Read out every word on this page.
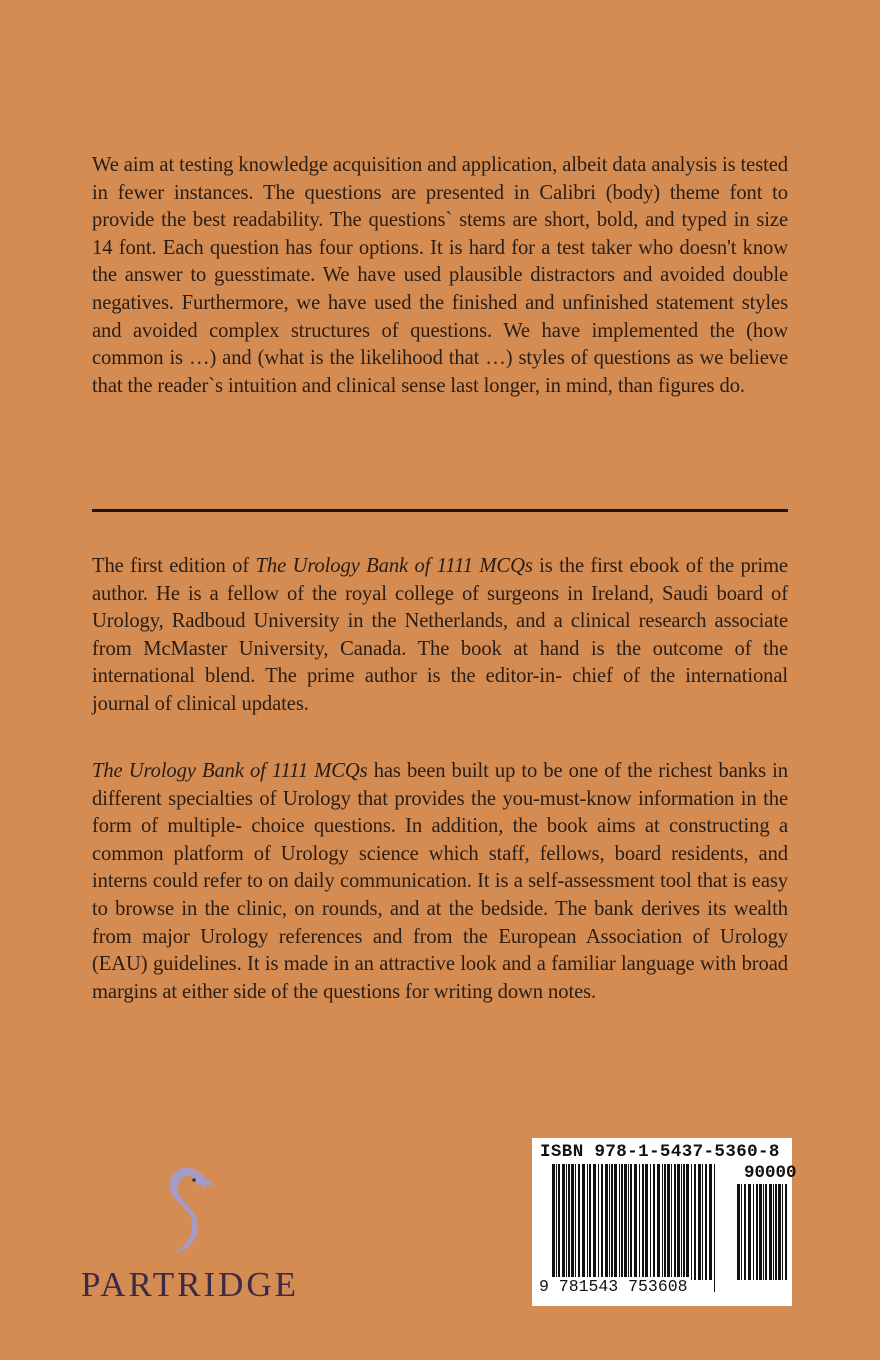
We aim at testing knowledge acquisition and application, albeit data analysis is tested in fewer instances. The questions are presented in Calibri (body) theme font to provide the best readability. The questions` stems are short, bold, and typed in size 14 font. Each question has four options. It is hard for a test taker who doesn't know the answer to guesstimate. We have used plausible distractors and avoided double negatives. Furthermore, we have used the finished and unfinished statement styles and avoided complex structures of questions. We have implemented the (how common is …) and (what is the likelihood that …) styles of questions as we believe that the reader`s intuition and clinical sense last longer, in mind, than figures do.

The first edition of The Urology Bank of 1111 MCQs is the first ebook of the prime author. He is a fellow of the royal college of surgeons in Ireland, Saudi board of Urology, Radboud University in the Netherlands, and a clinical research associate from McMaster University, Canada. The book at hand is the outcome of the international blend. The prime author is the editor-in- chief of the international journal of clinical updates.

The Urology Bank of 1111 MCQs has been built up to be one of the richest banks in different specialties of Urology that provides the you-must-know information in the form of multiple- choice questions. In addition, the book aims at constructing a common platform of Urology science which staff, fellows, board residents, and interns could refer to on daily communication. It is a self-assessment tool that is easy to browse in the clinic, on rounds, and at the bedside. The bank derives its wealth from major Urology references and from the European Association of Urology (EAU) guidelines. It is made in an attractive look and a familiar language with broad margins at either side of the questions for writing down notes.

PARTRIDGE
ISBN 978-1-5437-5360-8
90000
9 781543 753608
